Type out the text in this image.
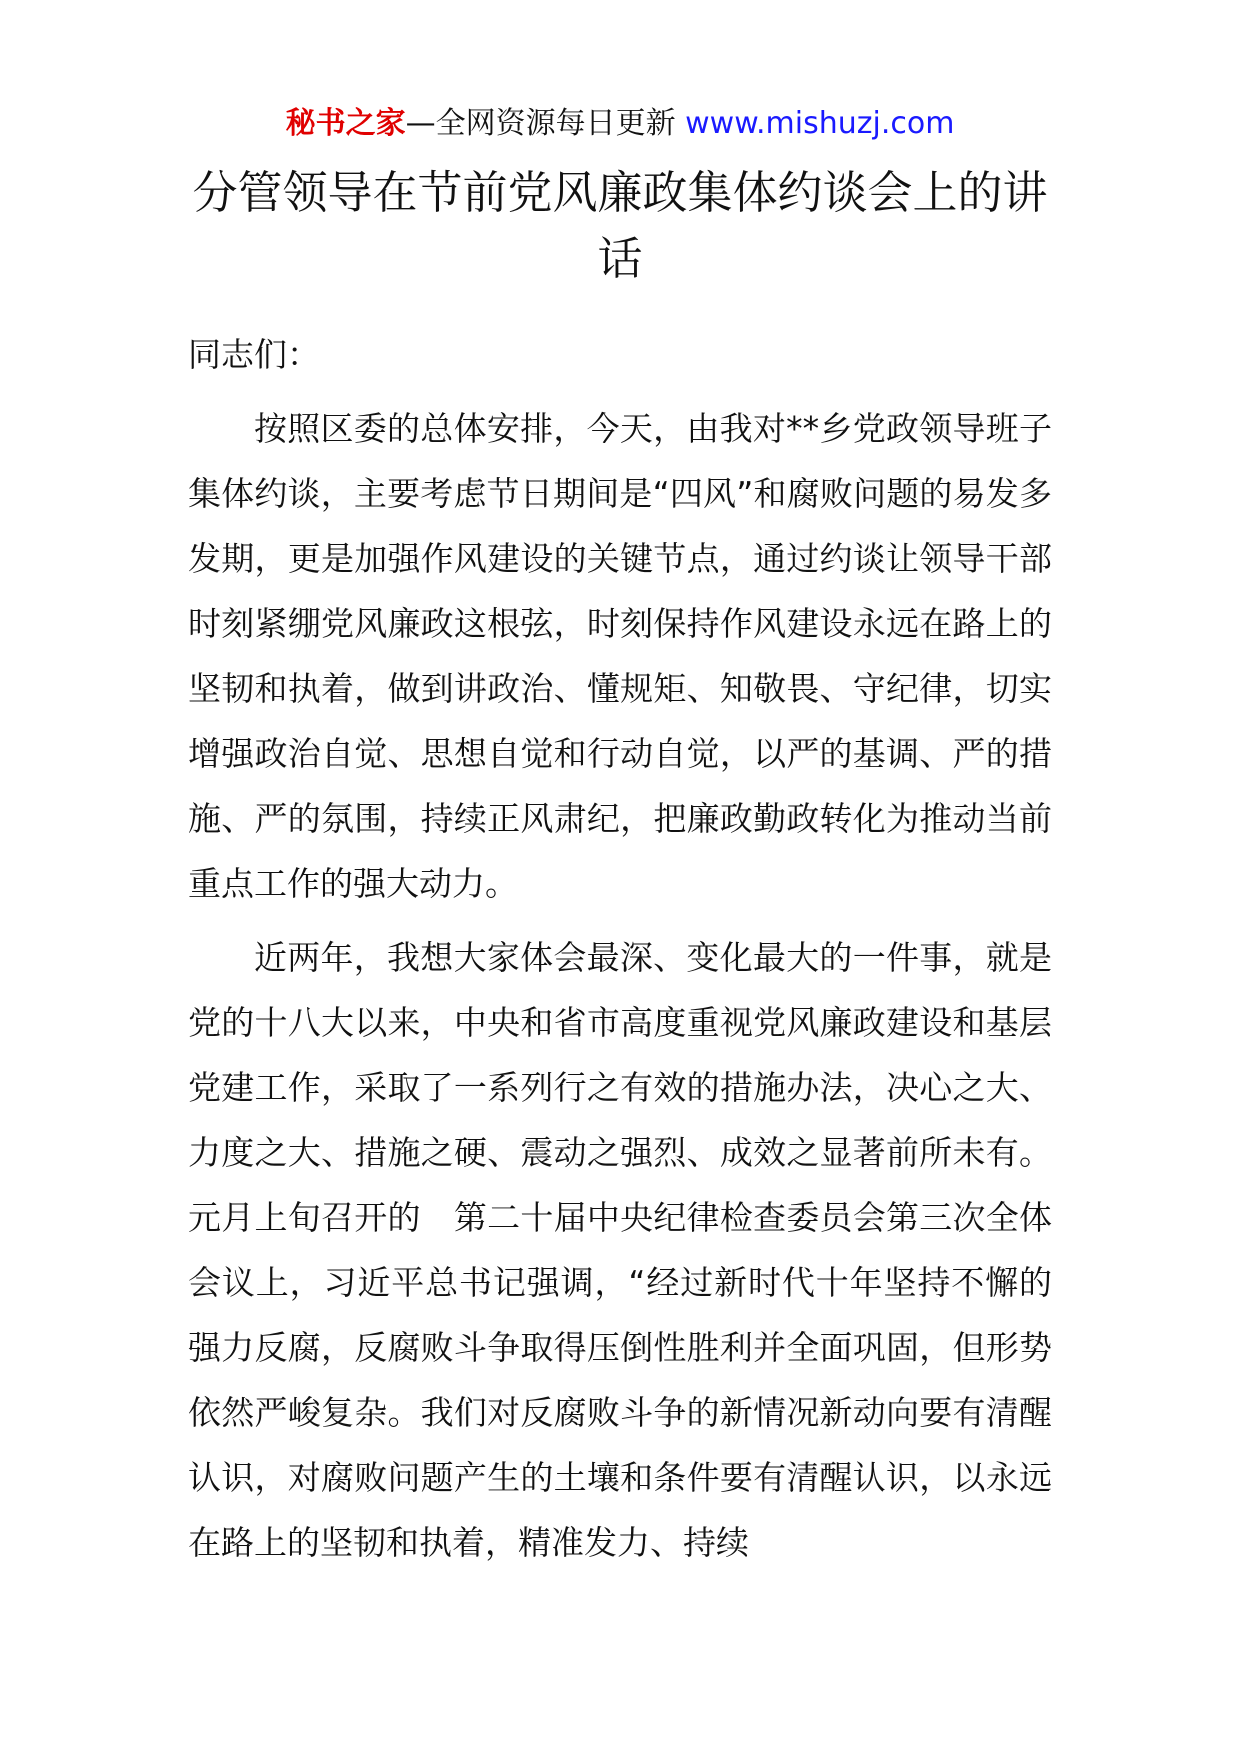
秘书之家—全网资源每日更新 www.mishuzj.com
分管领导在节前党风廉政集体约谈会上的讲话

同志们：

按照区委的总体安排，今天，由我对**乡党政领导班子集体约谈，主要考虑节日期间是“四风”和腐败问题的易发多发期，更是加强作风建设的关键节点，通过约谈让领导干部时刻紧绷党风廉政这根弦，时刻保持作风建设永远在路上的坚韧和执着，做到讲政治、懂规矩、知敬畏、守纪律，切实增强政治自觉、思想自觉和行动自觉，以严的基调、严的措施、严的氛围，持续正风肃纪，把廉政勤政转化为推动当前重点工作的强大动力。

近两年，我想大家体会最深、变化最大的一件事，就是党的十八大以来，中央和省市高度重视党风廉政建设和基层党建工作，采取了一系列行之有效的措施办法，决心之大、力度之大、措施之硬、震动之强烈、成效之显著前所未有。元月上旬召开的　第二十届中央纪律检查委员会第三次全体会议上，习近平总书记强调，“经过新时代十年坚持不懈的强力反腐，反腐败斗争取得压倒性胜利并全面巩固，但形势依然严峻复杂。我们对反腐败斗争的新情况新动向要有清醒认识，对腐败问题产生的土壤和条件要有清醒认识，以永远在路上的坚韧和执着，精准发力、持续
